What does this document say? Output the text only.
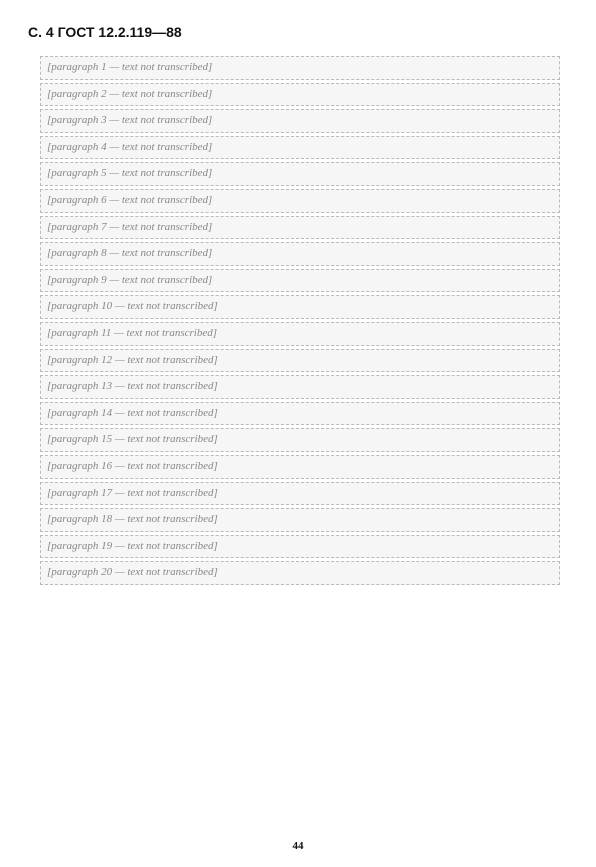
С. 4 ГОСТ 12.2.119—88

[paragraph 1 — text not transcribed]

[paragraph 2 — text not transcribed]

[paragraph 3 — text not transcribed]

[paragraph 4 — text not transcribed]

[paragraph 5 — text not transcribed]

[paragraph 6 — text not transcribed]

[paragraph 7 — text not transcribed]

[paragraph 8 — text not transcribed]

[paragraph 9 — text not transcribed]

[paragraph 10 — text not transcribed]

[paragraph 11 — text not transcribed]

[paragraph 12 — text not transcribed]

[paragraph 13 — text not transcribed]

[paragraph 14 — text not transcribed]

[paragraph 15 — text not transcribed]

[paragraph 16 — text not transcribed]

[paragraph 17 — text not transcribed]

[paragraph 18 — text not transcribed]

[paragraph 19 — text not transcribed]

[paragraph 20 — text not transcribed]

44
